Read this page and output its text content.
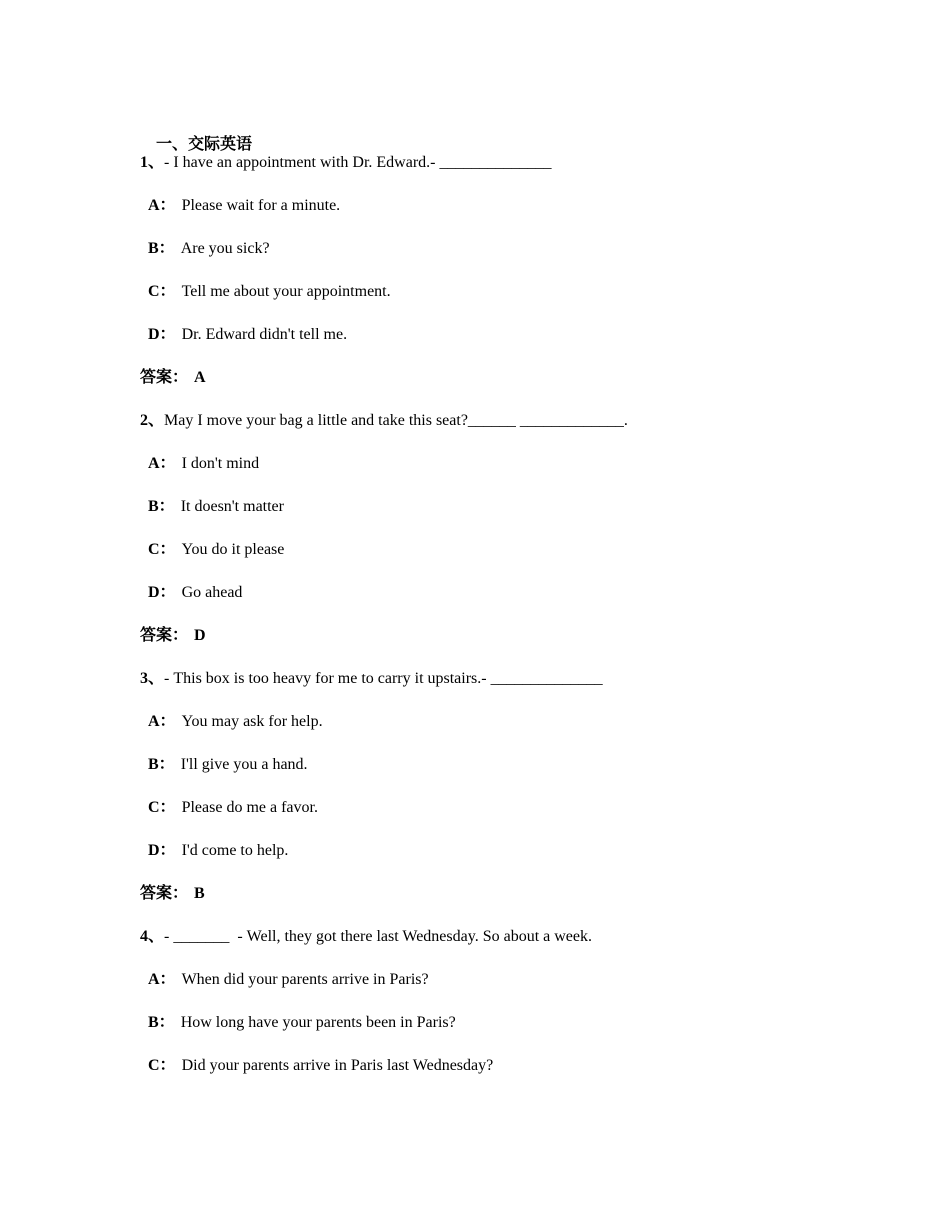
一、交际英语

1、- I have an appointment with Dr. Edward.- ______________
A： Please wait for a minute.
B： Are you sick?
C： Tell me about your appointment.
D： Dr. Edward didn't tell me.
答案： A
2、May I move your bag a little and take this seat?______ _____________.
A： I don't mind
B： It doesn't matter
C： You do it please
D： Go ahead
答案： D
3、- This box is too heavy for me to carry it upstairs.- ______________
A： You may ask for help.
B： I'll give you a hand.
C： Please do me a favor.
D： I'd come to help.
答案： B
4、- _______  - Well, they got there last Wednesday. So about a week.
A： When did your parents arrive in Paris?
B： How long have your parents been in Paris?
C： Did your parents arrive in Paris last Wednesday?
